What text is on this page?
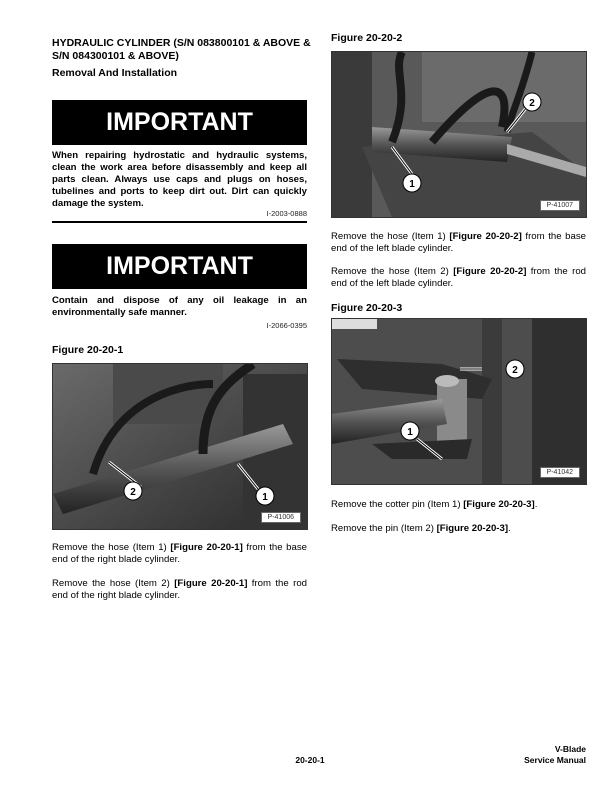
HYDRAULIC CYLINDER (S/N 083800101 & ABOVE & S/N 084300101 & ABOVE)
Removal And Installation
IMPORTANT
When repairing hydrostatic and hydraulic systems, clean the work area before disassembly and keep all parts clean. Always use caps and plugs on hoses, tubelines and ports to keep dirt out. Dirt can quickly damage the system.
I-2003-0888
IMPORTANT
Contain and dispose of any oil leakage in an environmentally safe manner.
I-2066-0395
Figure 20-20-1
2	1
P-41006
Remove the hose (Item 1) [Figure 20-20-1] from the base end of the right blade cylinder.
Remove the hose (Item 2) [Figure 20-20-1] from the rod end of the right blade cylinder.
Figure 20-20-2
1
2
P-41007
Remove the hose (Item 1) [Figure 20-20-2] from the base end of the left blade cylinder.
Remove the hose (Item 2) [Figure 20-20-2] from the rod end of the left blade cylinder.
Figure 20-20-3
2
1
P-41042
Remove the cotter pin (Item 1) [Figure 20-20-3].
Remove the pin (Item 2) [Figure 20-20-3].
20-20-1
V-Blade
Service Manual
